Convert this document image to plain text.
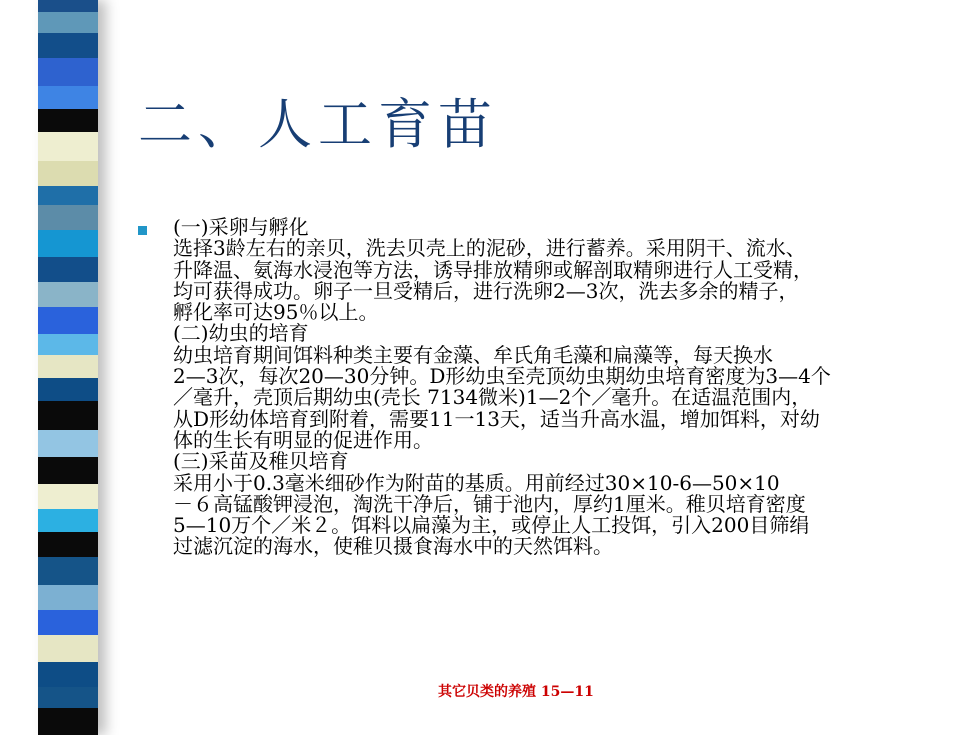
二、人工育苗
(一)采卵与孵化
选择3龄左右的亲贝，洗去贝壳上的泥砂，进行蓄养。采用阴干、流水、
升降温、氨海水浸泡等方法，诱导排放精卵或解剖取精卵进行人工受精，
均可获得成功。卵子一旦受精后，进行洗卵2—3次，洗去多余的精子，
孵化率可达95％以上。
(二)幼虫的培育
幼虫培育期间饵料种类主要有金藻、牟氏角毛藻和扁藻等，每天换水
2—3次，每次20—30分钟。D形幼虫至壳顶幼虫期幼虫培育密度为3—4个
／毫升，壳顶后期幼虫(壳长 7134微米)1—2个／毫升。在适温范围内，
从D形幼体培育到附着，需要11一13天，适当升高水温，增加饵料，对幼
体的生长有明显的促进作用。
(三)采苗及稚贝培育
采用小于0.3毫米细砂作为附苗的基质。用前经过30×10-6—50×10
－６高锰酸钾浸泡，淘洗干净后，铺于池内，厚约1厘米。稚贝培育密度
5—10万个／米２。饵料以扁藻为主，或停止人工投饵，引入200目筛绢
过滤沉淀的海水，使稚贝摄食海水中的天然饵料。
其它贝类的养殖 15—11
